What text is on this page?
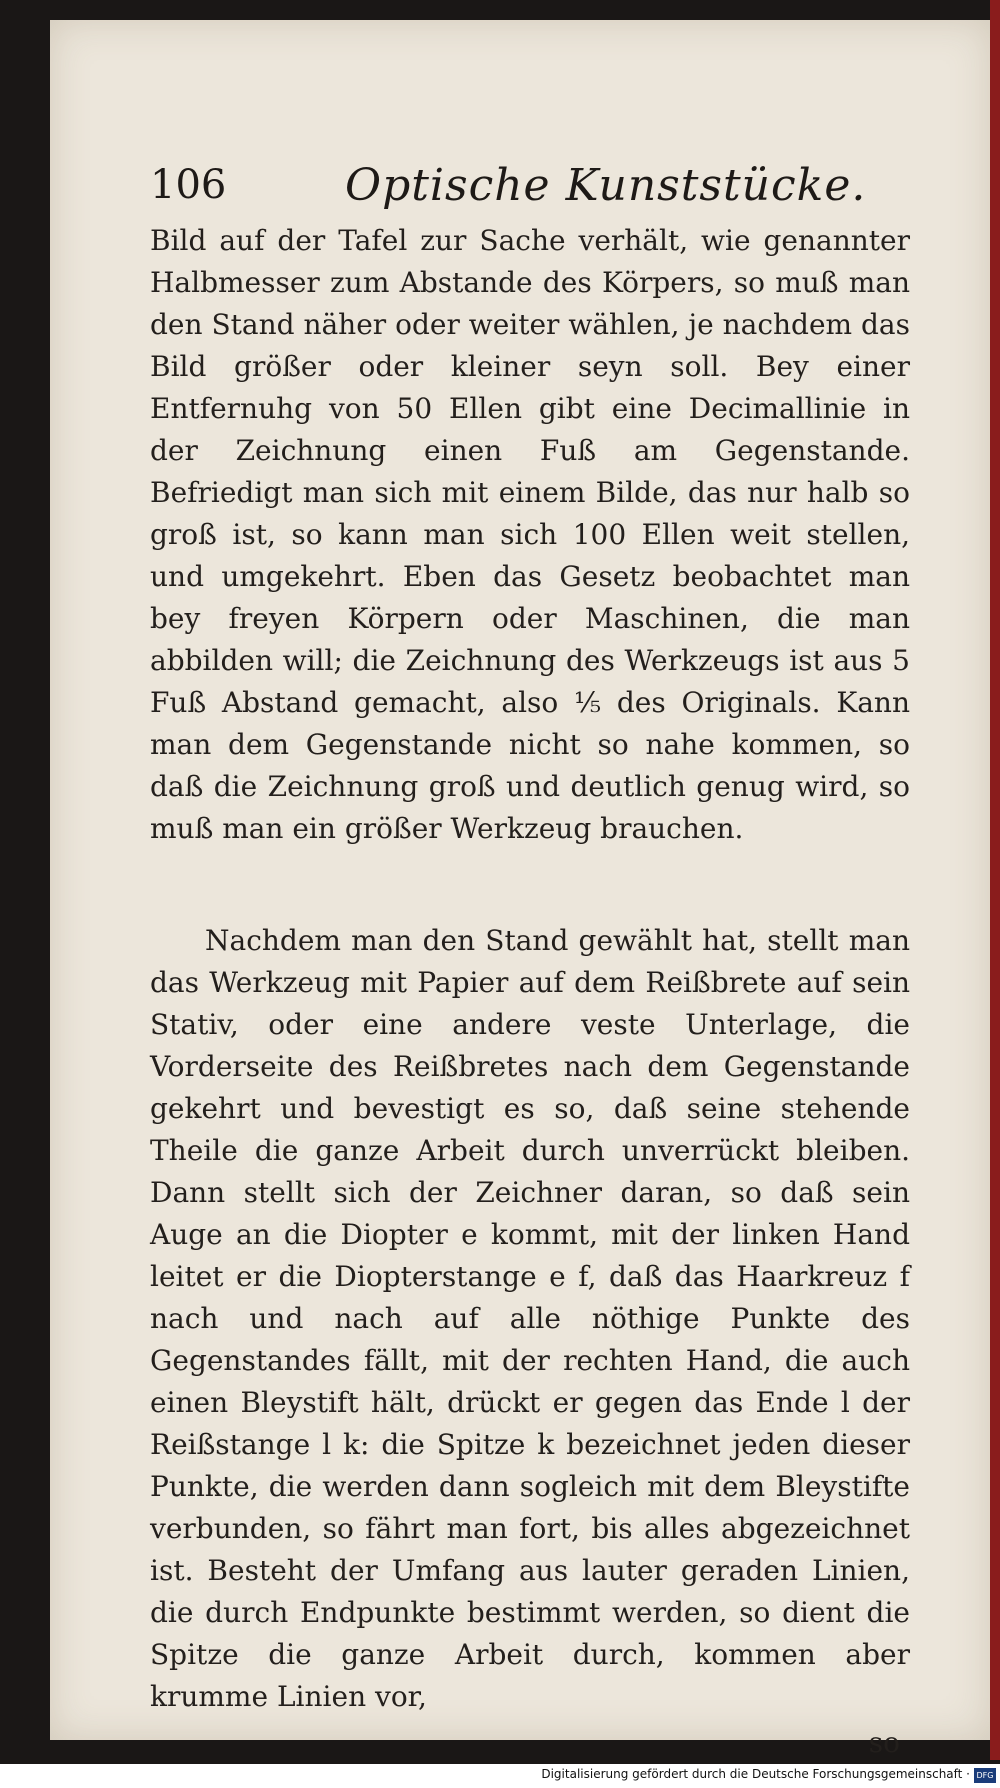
106	Optische Kunststücke.

Bild auf der Tafel zur Sache verhält, wie genannter Halbmesser zum Abstande des Körpers, so muß man den Stand näher oder weiter wählen, je nachdem das Bild größer oder kleiner seyn soll. Bey einer Entfernuhg von 50 Ellen gibt eine Decimallinie in der Zeichnung einen Fuß am Gegenstande. Befriedigt man sich mit einem Bilde, das nur halb so groß ist, so kann man sich 100 Ellen weit stellen, und umgekehrt. Eben das Gesetz beobachtet man bey freyen Körpern oder Maschinen, die man abbilden will; die Zeichnung des Werkzeugs ist aus 5 Fuß Abstand gemacht, also ⅕ des Originals. Kann man dem Gegenstande nicht so nahe kommen, so daß die Zeichnung groß und deutlich genug wird, so muß man ein größer Werkzeug brauchen.

Nachdem man den Stand gewählt hat, stellt man das Werkzeug mit Papier auf dem Reißbrete auf sein Stativ, oder eine andere veste Unterlage, die Vorderseite des Reißbretes nach dem Gegenstande gekehrt und bevestigt es so, daß seine stehende Theile die ganze Arbeit durch unverrückt bleiben. Dann stellt sich der Zeichner daran, so daß sein Auge an die Diopter e kommt, mit der linken Hand leitet er die Diopterstange e f, daß das Haarkreuz f nach und nach auf alle nöthige Punkte des Gegenstandes fällt, mit der rechten Hand, die auch einen Bleystift hält, drückt er gegen das Ende l der Reißstange l k: die Spitze k bezeichnet jeden dieser Punkte, die werden dann sogleich mit dem Bleystifte verbunden, so fährt man fort, bis alles abgezeichnet ist. Besteht der Umfang aus lauter geraden Linien, die durch Endpunkte bestimmt werden, so dient die Spitze die ganze Arbeit durch, kommen aber krumme Linien vor,

so
Digitalisierung gefördert durch die Deutsche Forschungsgemeinschaft · DFG
